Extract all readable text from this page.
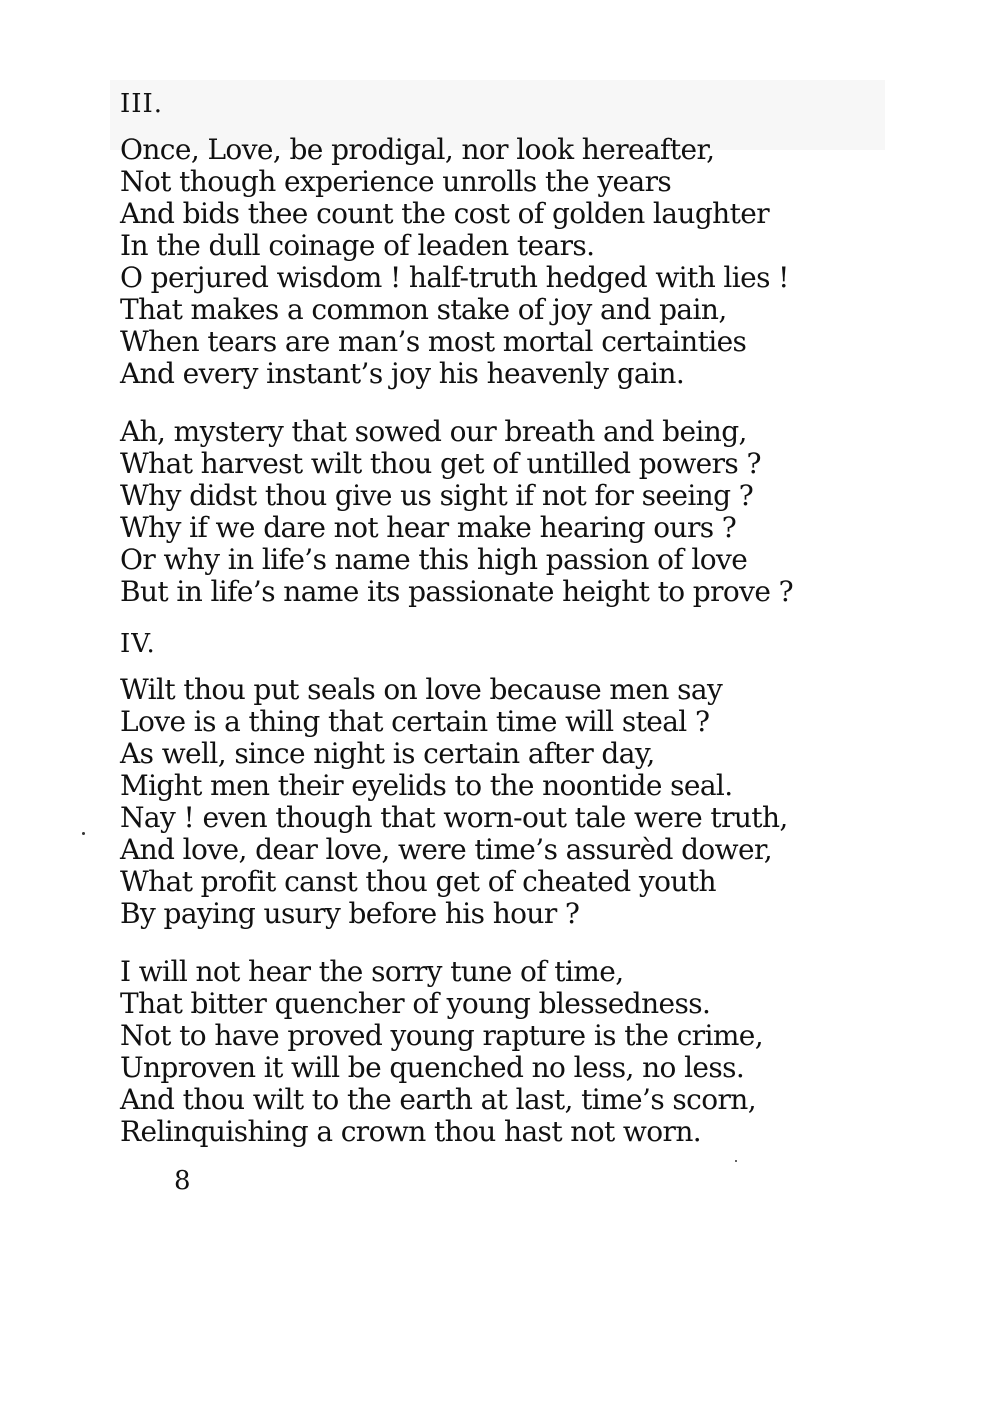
III.
Once, Love, be prodigal, nor look hereafter,
Not though experience unrolls the years
And bids thee count the cost of golden laughter
In the dull coinage of leaden tears.
O perjured wisdom ! half-truth hedged with lies !
That makes a common stake of joy and pain,
When tears are man’s most mortal certainties
And every instant’s joy his heavenly gain.
Ah, mystery that sowed our breath and being,
What harvest wilt thou get of untilled powers ?
Why didst thou give us sight if not for seeing ?
Why if we dare not hear make hearing ours ?
Or why in life’s name this high passion of love
But in life’s name its passionate height to prove ?
IV.
Wilt thou put seals on love because men say
Love is a thing that certain time will steal ?
As well, since night is certain after day,
Might men their eyelids to the noontide seal.
Nay ! even though that worn-out tale were truth,
And love, dear love, were time’s assurèd dower,
What profit canst thou get of cheated youth
By paying usury before his hour ?
I will not hear the sorry tune of time,
That bitter quencher of young blessedness.
Not to have proved young rapture is the crime,
Unproven it will be quenched no less, no less.
And thou wilt to the earth at last, time’s scorn,
Relinquishing a crown thou hast not worn.
8
